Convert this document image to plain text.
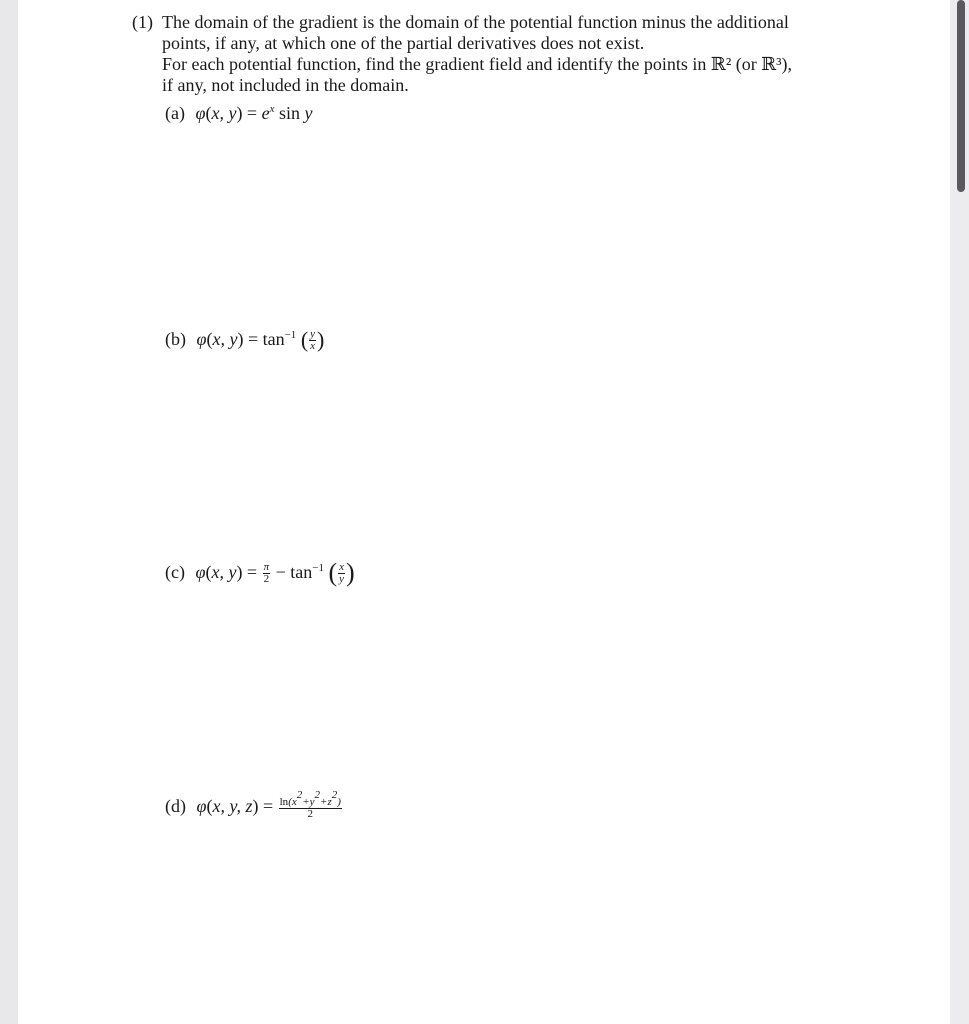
(1) The domain of the gradient is the domain of the potential function minus the additional
points, if any, at which one of the partial derivatives does not exist.
For each potential function, find the gradient field and identify the points in ℝ² (or ℝ³),
if any, not included in the domain.
(a) φ(x, $y) = e^x$ sin y
(b) φ(x, $y) = \tan^{-1}$ ( $\frac{y}{x}$ )
(c) φ(x, $y) = \frac{\pi}{2} - \tan^{-1}$ ( $\frac{x}{y}$ )
(d) φ(x, y, $z) = \frac{\ln(x^2+y^2+z^2)}{2}$
